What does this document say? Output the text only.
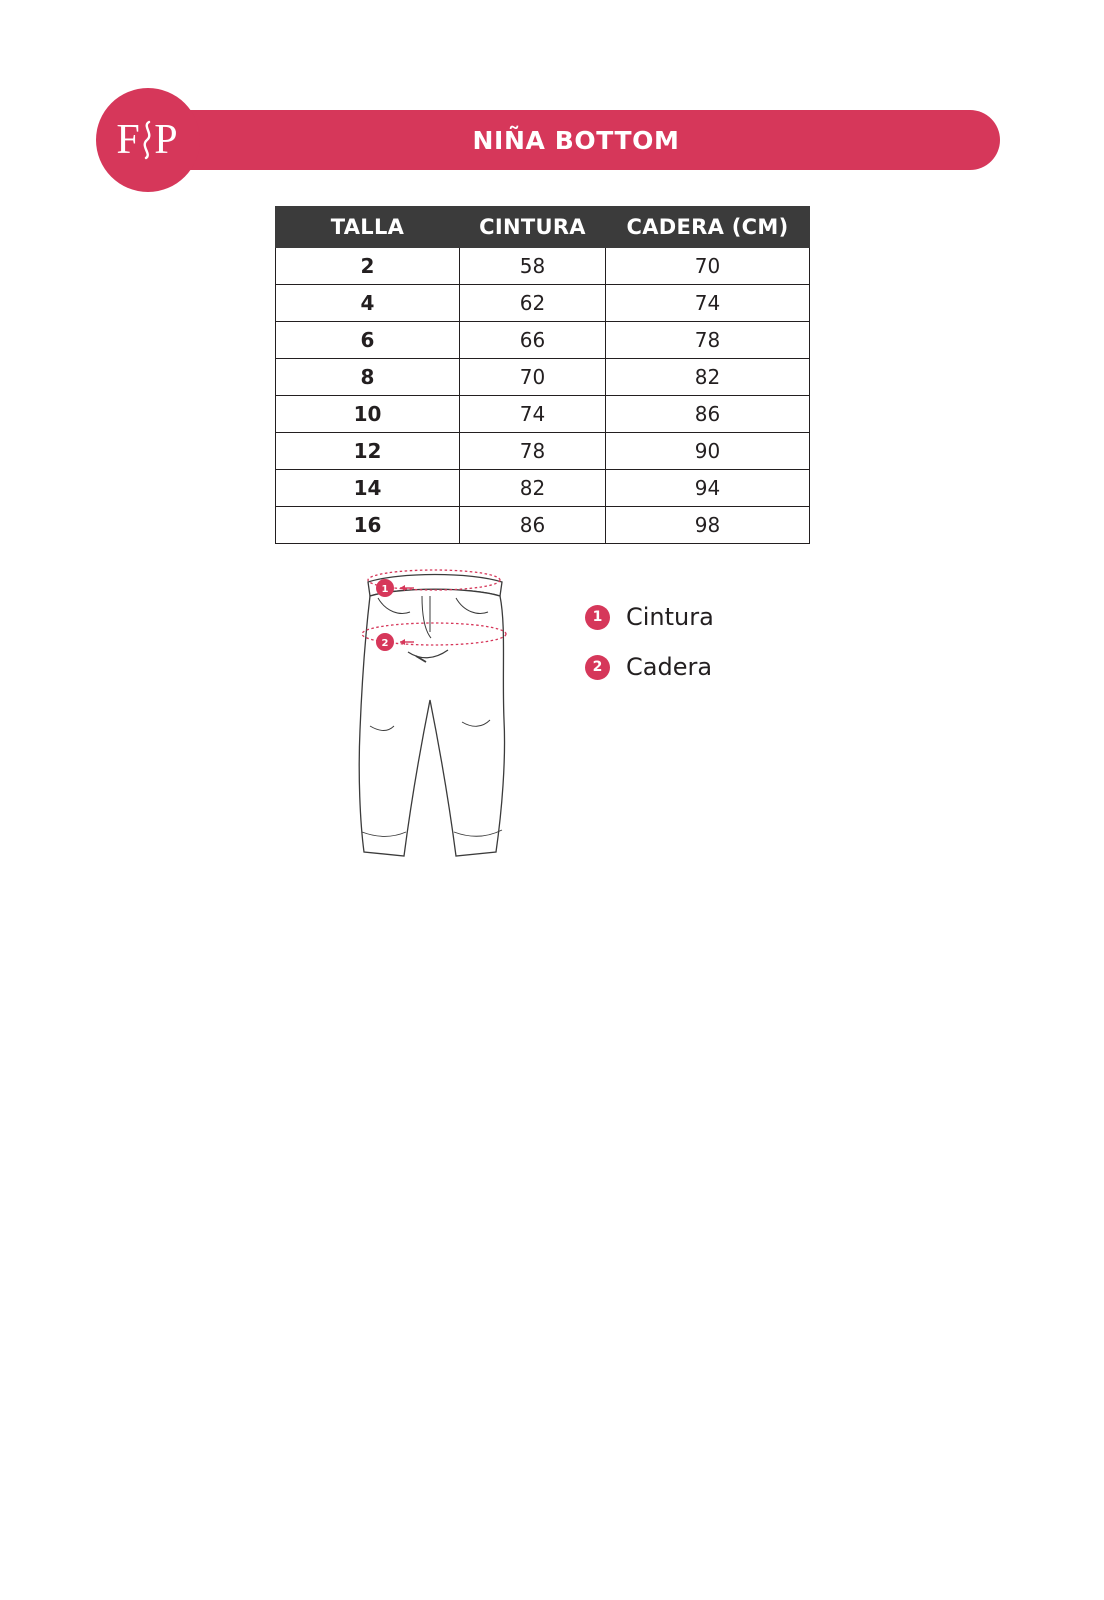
NIÑA BOTTOM
F P
TALLA	CINTURA	CADERA (CM)
2	58	70
4	62	74
6	66	78
8	70	82
10	74	86
12	78	90
14	82	94
16	86	98
1
2
1 Cintura
2 Cadera
